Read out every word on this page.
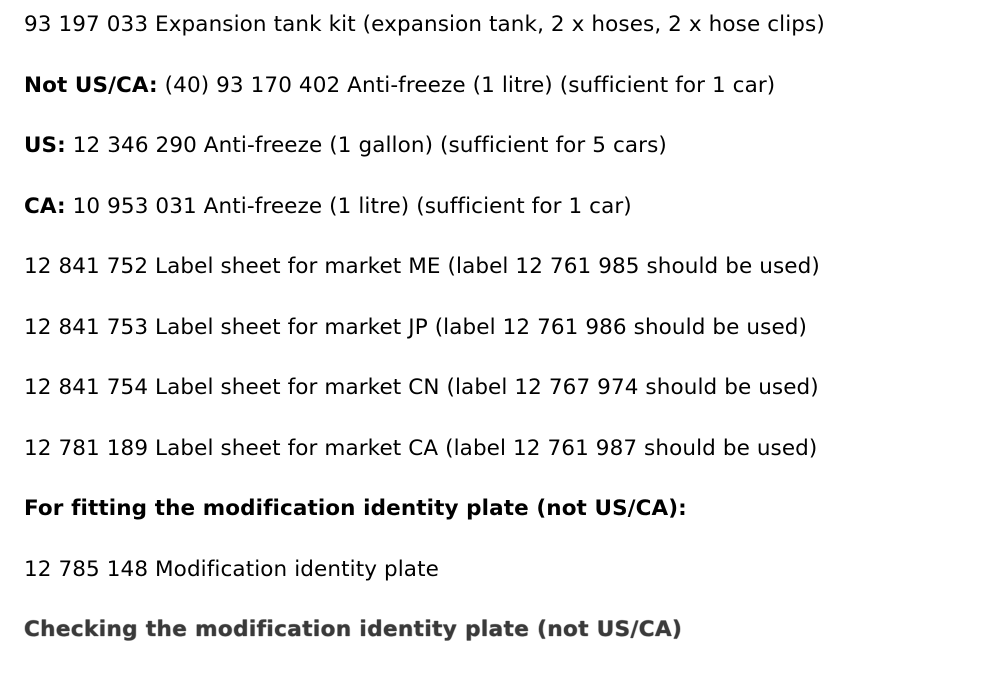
93 197 033 Expansion tank kit (expansion tank, 2 x hoses, 2 x hose clips)
Not US/CA: (40) 93 170 402 Anti-freeze (1 litre) (sufficient for 1 car)
US: 12 346 290 Anti-freeze (1 gallon) (sufficient for 5 cars)
CA: 10 953 031 Anti-freeze (1 litre) (sufficient for 1 car)
12 841 752 Label sheet for market ME (label 12 761 985 should be used)
12 841 753 Label sheet for market JP (label 12 761 986 should be used)
12 841 754 Label sheet for market CN (label 12 767 974 should be used)
12 781 189 Label sheet for market CA (label 12 761 987 should be used)
For fitting the modification identity plate (not US/CA):
12 785 148 Modification identity plate
Checking the modification identity plate (not US/CA)
